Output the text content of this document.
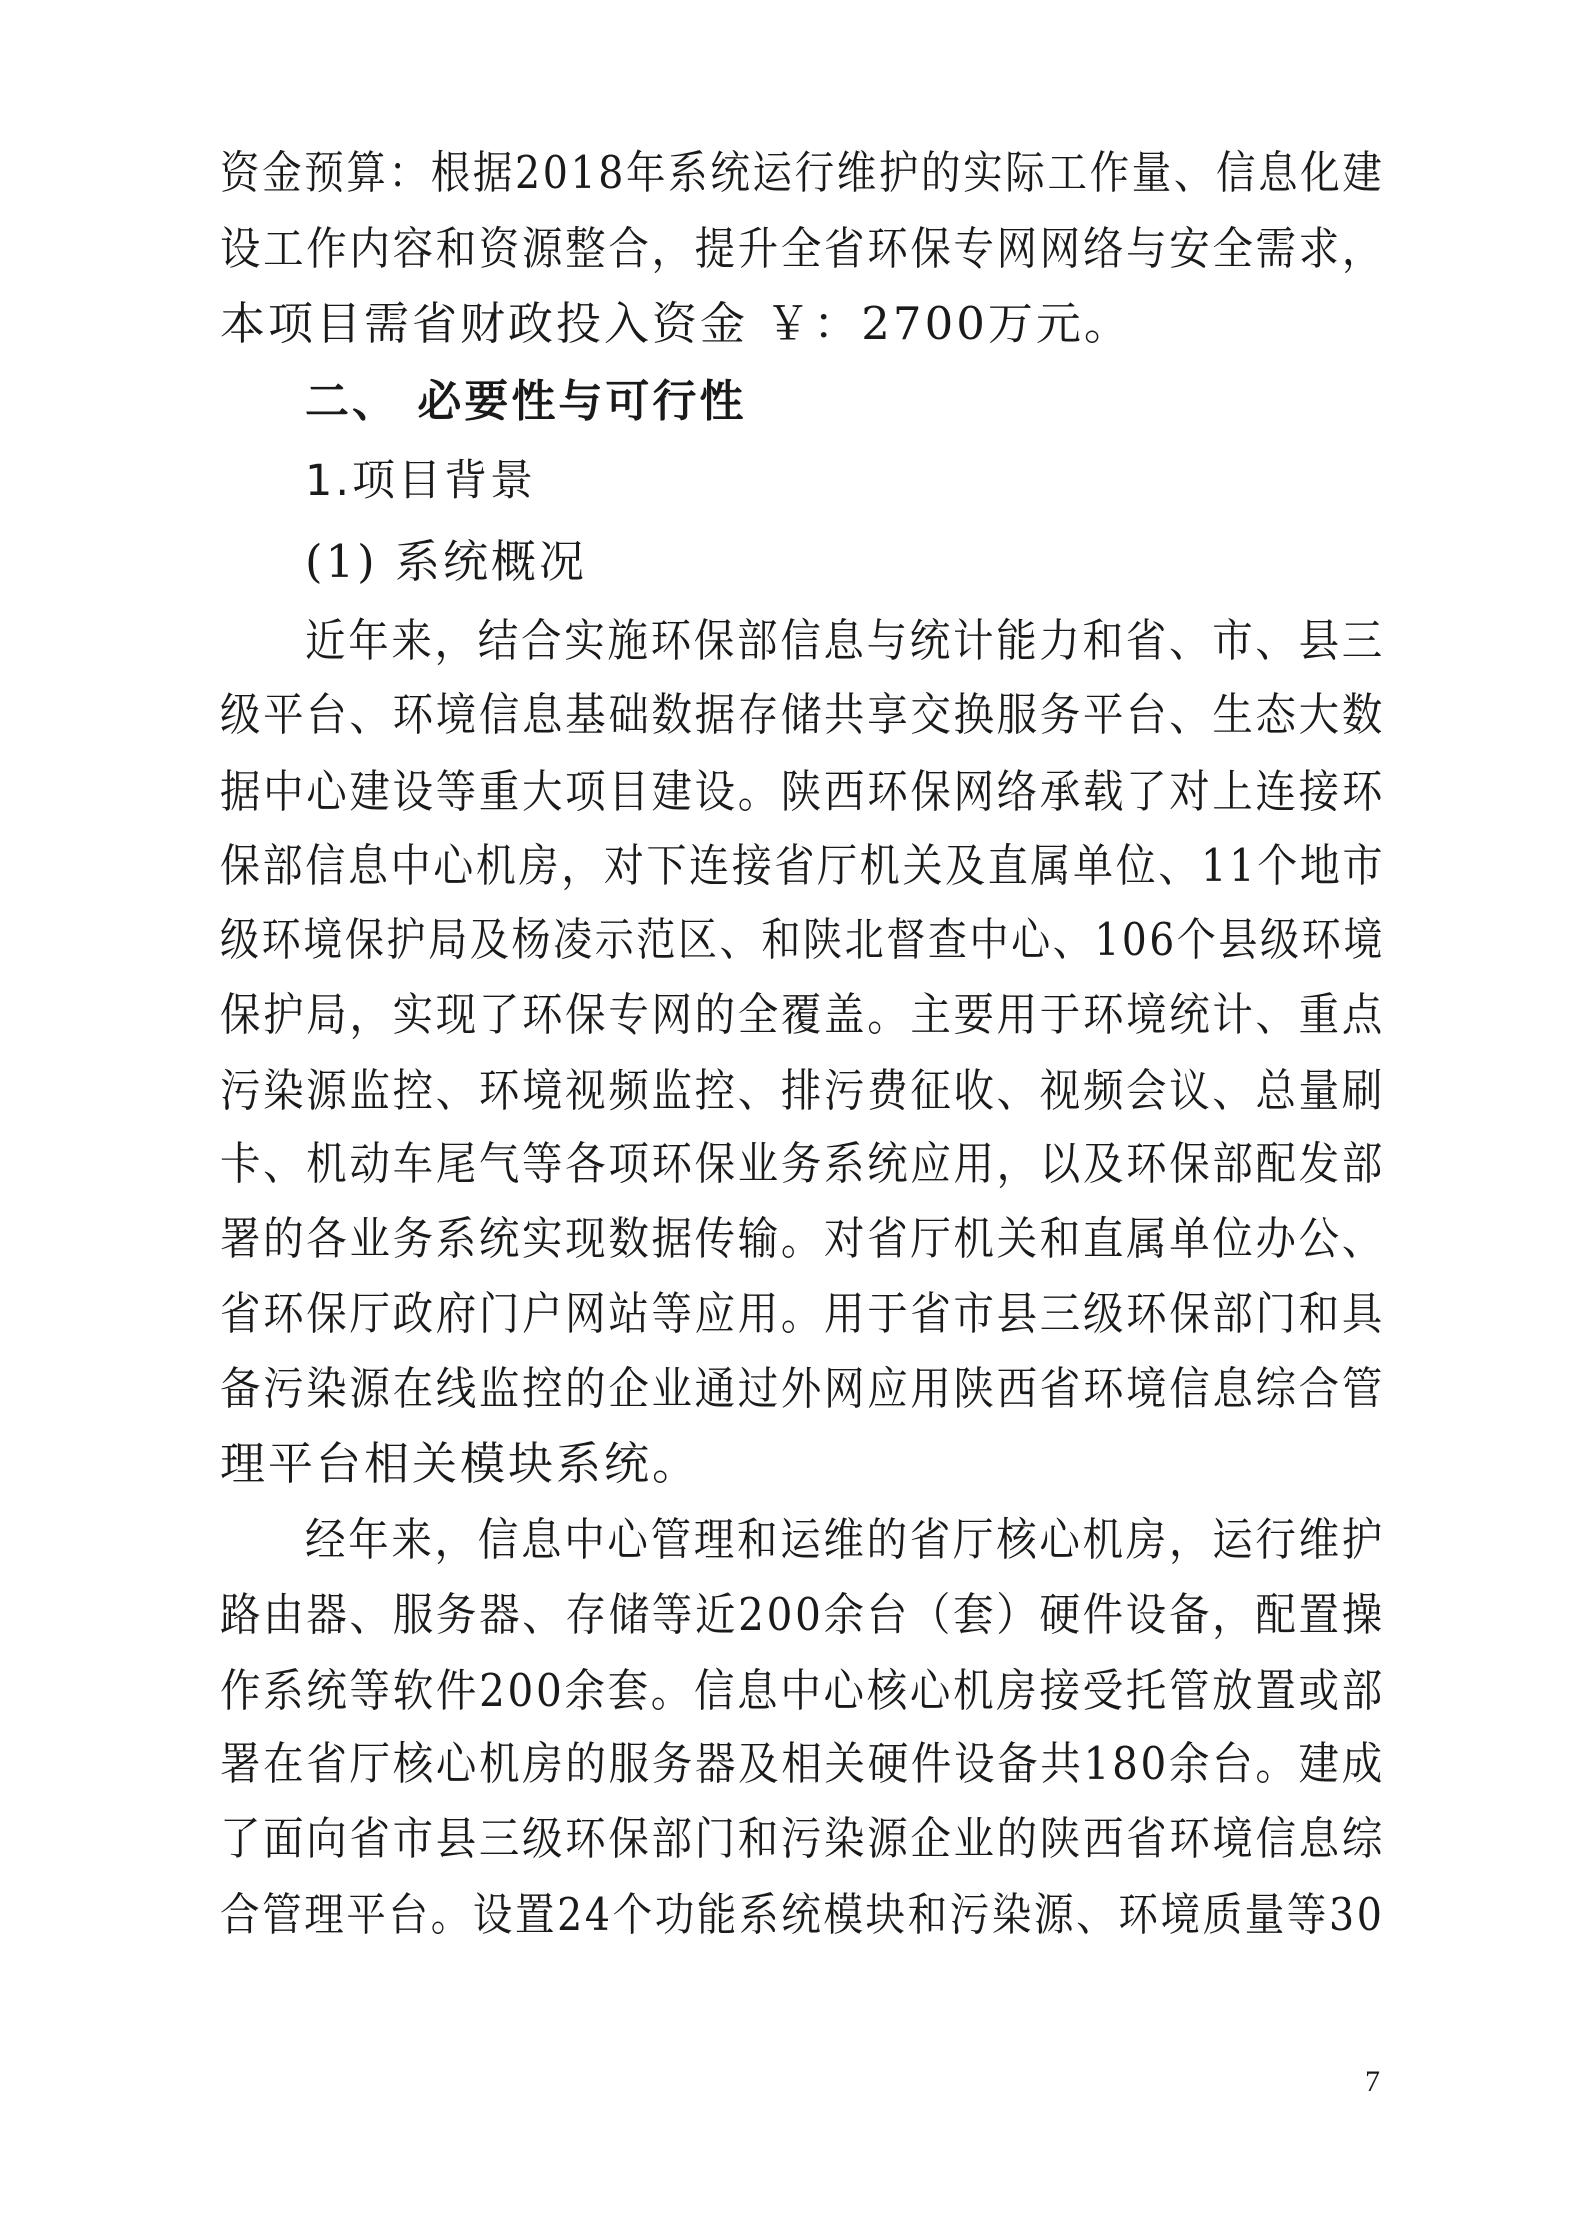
资金预算：根据2018年系统运行维护的实际工作量、信息化建
设工作内容和资源整合，提升全省环保专网网络与安全需求，
本项目需省财政投入资金 ￥：2700万元。
二、 必要性与可行性
1.项目背景
(1) 系统概况
近年来，结合实施环保部信息与统计能力和省、市、县三
级平台、环境信息基础数据存储共享交换服务平台、生态大数
据中心建设等重大项目建设。陕西环保网络承载了对上连接环
保部信息中心机房，对下连接省厅机关及直属单位、11个地市
级环境保护局及杨凌示范区、和陕北督查中心、106个县级环境
保护局，实现了环保专网的全覆盖。主要用于环境统计、重点
污染源监控、环境视频监控、排污费征收、视频会议、总量刷
卡、机动车尾气等各项环保业务系统应用，以及环保部配发部
署的各业务系统实现数据传输。对省厅机关和直属单位办公、
省环保厅政府门户网站等应用。用于省市县三级环保部门和具
备污染源在线监控的企业通过外网应用陕西省环境信息综合管
理平台相关模块系统。
经年来，信息中心管理和运维的省厅核心机房，运行维护
路由器、服务器、存储等近200余台（套）硬件设备，配置操
作系统等软件200余套。信息中心核心机房接受托管放置或部
署在省厅核心机房的服务器及相关硬件设备共180余台。建成
了面向省市县三级环保部门和污染源企业的陕西省环境信息综
合管理平台。设置24个功能系统模块和污染源、环境质量等30
7
